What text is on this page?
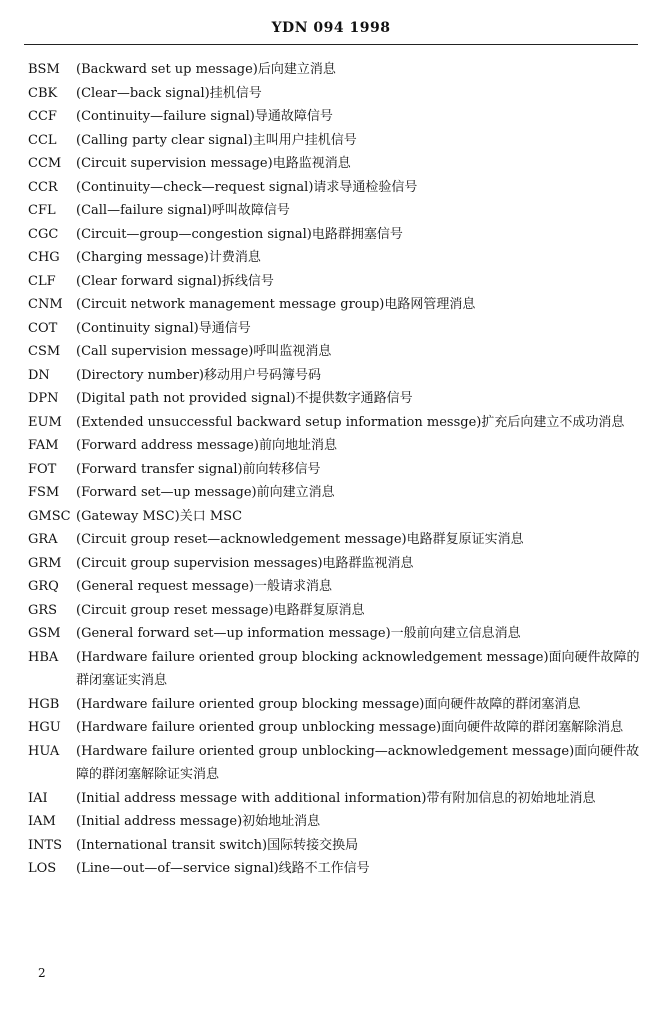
YDN 094 1998
BSM	(Backward set up message)后向建立消息
CBK	(Clear—back signal)挂机信号
CCF	(Continuity—failure signal)导通故障信号
CCL	(Calling party clear signal)主叫用户挂机信号
CCM	(Circuit supervision message)电路监视消息
CCR	(Continuity—check—request signal)请求导通检验信号
CFL	(Call—failure signal)呼叫故障信号
CGC	(Circuit—group—congestion signal)电路群拥塞信号
CHG	(Charging message)计费消息
CLF	(Clear forward signal)拆线信号
CNM	(Circuit network management message group)电路网管理消息
COT	(Continuity signal)导通信号
CSM	(Call supervision message)呼叫监视消息
DN	(Directory number)移动用户号码簿号码
DPN	(Digital path not provided signal)不提供数字通路信号
EUM	(Extended unsuccessful backward setup information messge)扩充后向建立不成功消息
FAM	(Forward address message)前向地址消息
FOT	(Forward transfer signal)前向转移信号
FSM	(Forward set—up message)前向建立消息
GMSC (Gateway MSC)关口 MSC
GRA	(Circuit group reset—acknowledgement message)电路群复原证实消息
GRM	(Circuit group supervision messages)电路群监视消息
GRQ	(General request message)一般请求消息
GRS	(Circuit group reset message)电路群复原消息
GSM	(General forward set—up information message)一般前向建立信息消息
HBA	(Hardware failure oriented group blocking acknowledgement message)面向硬件故障的群闭塞证实消息
HGB	(Hardware failure oriented group blocking message)面向硬件故障的群闭塞消息
HGU	(Hardware failure oriented group unblocking message)面向硬件故障的群闭塞解除消息
HUA	(Hardware failure oriented group unblocking—acknowledgement message)面向硬件故障的群闭塞解除证实消息
IAI	(Initial address message with additional information)带有附加信息的初始地址消息
IAM	(Initial address message)初始地址消息
INTS	(International transit switch)国际转接交换局
LOS	(Line—out—of—service signal)线路不工作信号
2
